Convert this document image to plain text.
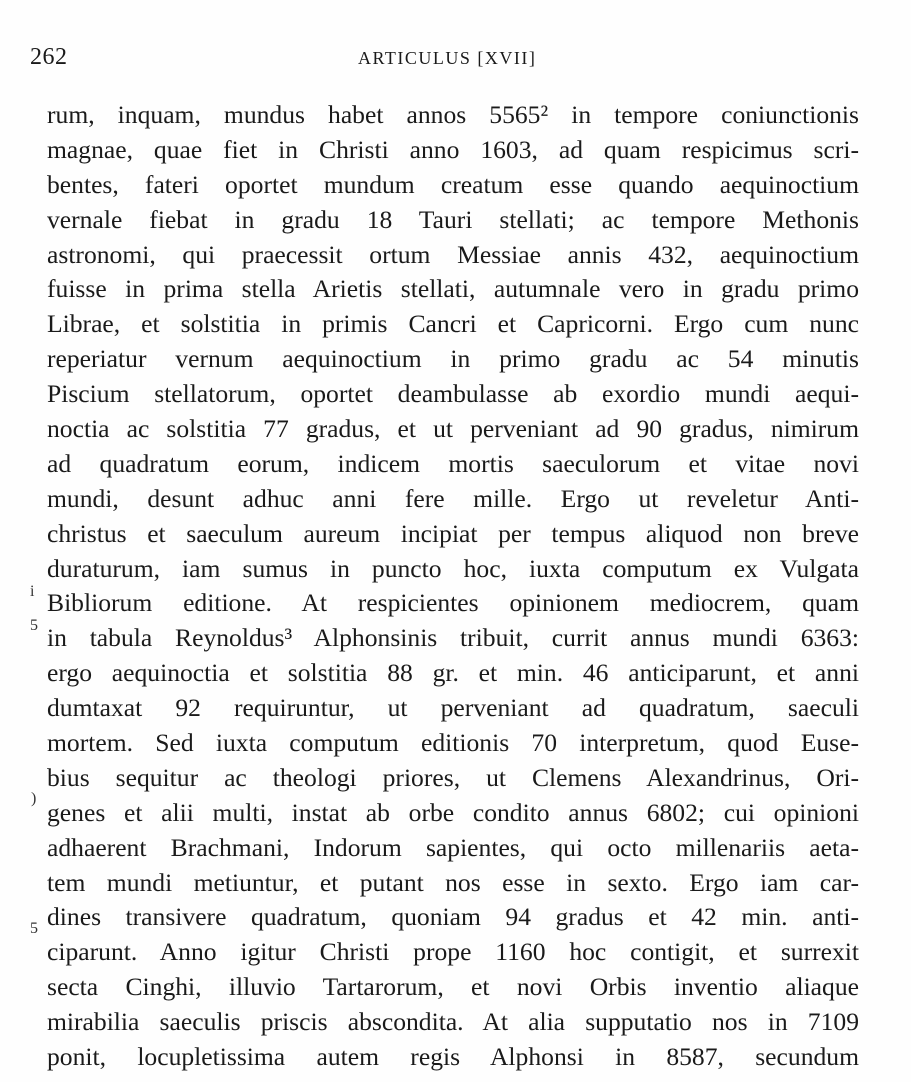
262	ARTICULUS [XVII]
i
5
)
5
rum, inquam, mundus habet annos 5565² in tempore coniunctionis
magnae, quae fiet in Christi anno 1603, ad quam respicimus scri-
bentes, fateri oportet mundum creatum esse quando aequinoctium
vernale fiebat in gradu 18 Tauri stellati; ac tempore Methonis
astronomi, qui praecessit ortum Messiae annis 432, aequinoctium
fuisse in prima stella Arietis stellati, autumnale vero in gradu primo
Librae, et solstitia in primis Cancri et Capricorni. Ergo cum nunc
reperiatur vernum aequinoctium in primo gradu ac 54 minutis
Piscium stellatorum, oportet deambulasse ab exordio mundi aequi-
noctia ac solstitia 77 gradus, et ut perveniant ad 90 gradus, nimirum
ad quadratum eorum, indicem mortis saeculorum et vitae novi
mundi, desunt adhuc anni fere mille. Ergo ut reveletur Anti-
christus et saeculum aureum incipiat per tempus aliquod non breve
duraturum, iam sumus in puncto hoc, iuxta computum ex Vulgata
Bibliorum editione. At respicientes opinionem mediocrem, quam
in tabula Reynoldus³ Alphonsinis tribuit, currit annus mundi 6363:
ergo aequinoctia et solstitia 88 gr. et min. 46 anticiparunt, et anni
dumtaxat 92 requiruntur, ut perveniant ad quadratum, saeculi
mortem. Sed iuxta computum editionis 70 interpretum, quod Euse-
bius sequitur ac theologi priores, ut Clemens Alexandrinus, Ori-
genes et alii multi, instat ab orbe condito annus 6802; cui opinioni
adhaerent Brachmani, Indorum sapientes, qui octo millenariis aeta-
tem mundi metiuntur, et putant nos esse in sexto. Ergo iam car-
dines transivere quadratum, quoniam 94 gradus et 42 min. anti-
ciparunt. Anno igitur Christi prope 1160 hoc contigit, et surrexit
secta Cinghi, illuvio Tartarorum, et novi Orbis inventio aliaque
mirabilia saeculis priscis abscondita. At alia supputatio nos in 7109
ponit, locupletissima autem regis Alphonsi in 8587, secundum
